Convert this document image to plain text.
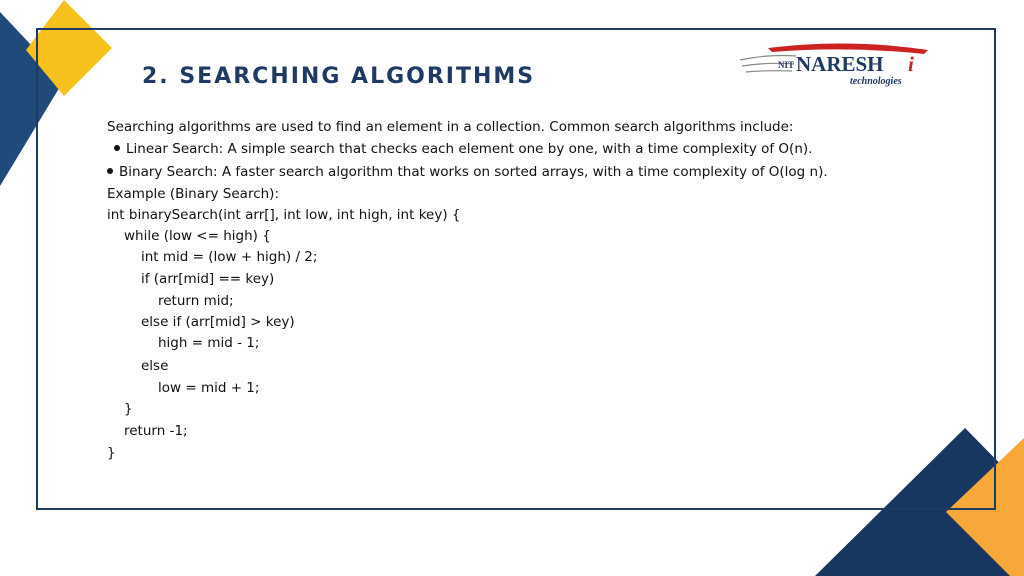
2. SEARCHING ALGORITHMS	NIT NARESH i
technologies
Searching algorithms are used to find an element in a collection. Common search algorithms include:
Linear Search: A simple search that checks each element one by one, with a time complexity of O(n).
Binary Search: A faster search algorithm that works on sorted arrays, with a time complexity of O(log n).
Example (Binary Search):
int binarySearch(int arr[], int low, int high, int key) {
while (low <= high) {
int mid = (low + high) / 2;
if (arr[mid] == key)
return mid;
else if (arr[mid] > key)
high = mid - 1;
else
low = mid + 1;
}
return -1;
}
